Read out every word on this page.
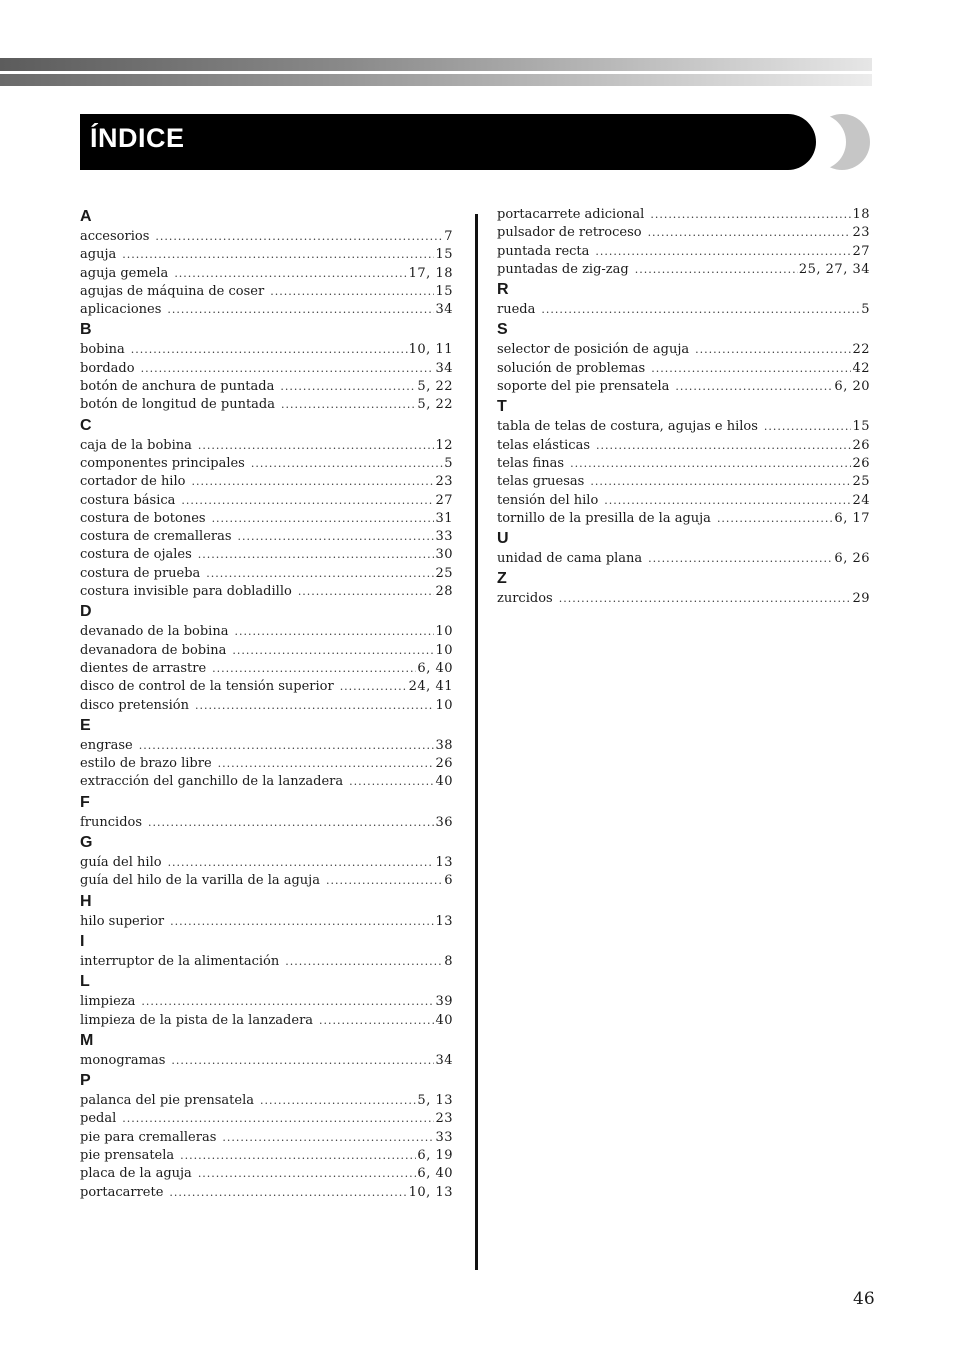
ÍNDICE
A
accesorios .....	7
aguja .....	15
aguja gemela .....	17, 18
agujas de máquina de coser .....	15
aplicaciones .....	34
B
bobina .....	10, 11
bordado .....	34
botón de anchura de puntada .....	5, 22
botón de longitud de puntada .....	5, 22
C
caja de la bobina .....	12
componentes principales .....	5
cortador de hilo .....	23
costura básica .....	27
costura de botones .....	31
costura de cremalleras .....	33
costura de ojales .....	30
costura de prueba .....	25
costura invisible para dobladillo .....	28
D
devanado de la bobina .....	10
devanadora de bobina .....	10
dientes de arrastre .....	6, 40
disco de control de la tensión superior .....	24, 41
disco pretensión .....	10
E
engrase .....	38
estilo de brazo libre .....	26
extracción del ganchillo de la lanzadera .....	40
F
fruncidos .....	36
G
guía del hilo .....	13
guía del hilo de la varilla de la aguja .....	6
H
hilo superior .....	13
I
interruptor de la alimentación .....	8
L
limpieza .....	39
limpieza de la pista de la lanzadera .....	40
M
monogramas .....	34
P
palanca del pie prensatela .....	5, 13
pedal .....	23
pie para cremalleras .....	33
pie prensatela .....	6, 19
placa de la aguja .....	6, 40
portacarrete .....	10, 13
portacarrete adicional .....	18
pulsador de retroceso .....	23
puntada recta .....	27
puntadas de zig-zag .....	25, 27, 34
R
rueda .....	5
S
selector de posición de aguja .....	22
solución de problemas .....	42
soporte del pie prensatela .....	6, 20
T
tabla de telas de costura, agujas e hilos .....	15
telas elásticas .....	26
telas finas .....	26
telas gruesas .....	25
tensión del hilo .....	24
tornillo de la presilla de la aguja .....	6, 17
U
unidad de cama plana .....	6, 26
Z
zurcidos .....	29
46
